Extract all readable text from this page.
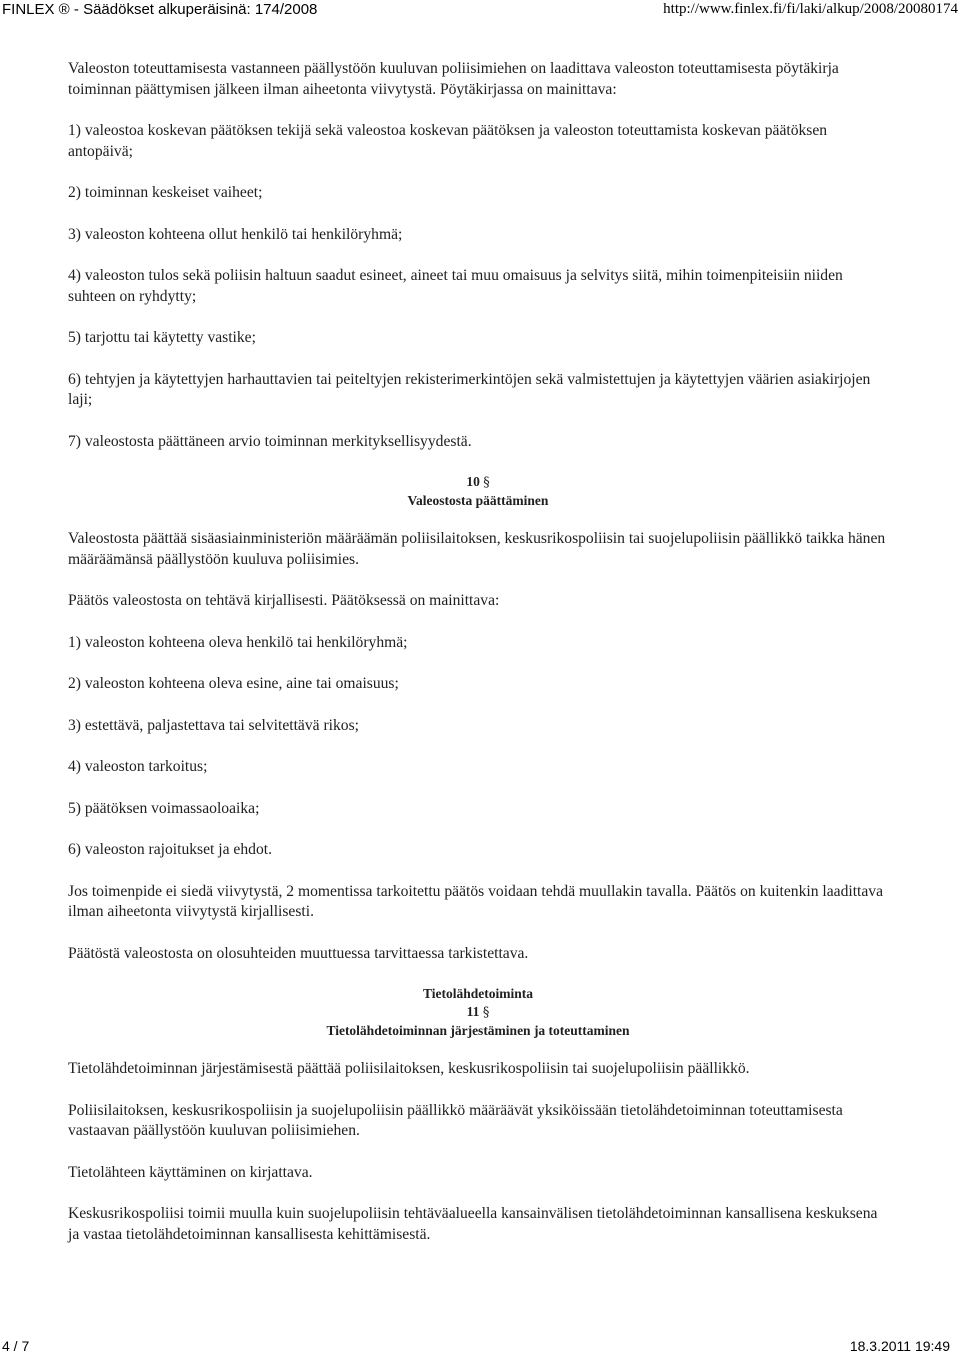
FINLEX ® - Säädökset alkuperäisinä: 174/2008	http://www.finlex.fi/fi/laki/alkup/2008/20080174

Valeoston toteuttamisesta vastanneen päällystöön kuuluvan poliisimiehen on laadittava valeoston toteuttamisesta pöytäkirja toiminnan päättymisen jälkeen ilman aiheetonta viivytystä. Pöytäkirjassa on mainittava:

1) valeostoa koskevan päätöksen tekijä sekä valeostoa koskevan päätöksen ja valeoston toteuttamista koskevan päätöksen antopäivä;

2) toiminnan keskeiset vaiheet;

3) valeoston kohteena ollut henkilö tai henkilöryhmä;

4) valeoston tulos sekä poliisin haltuun saadut esineet, aineet tai muu omaisuus ja selvitys siitä, mihin toimenpiteisiin niiden suhteen on ryhdytty;

5) tarjottu tai käytetty vastike;

6) tehtyjen ja käytettyjen harhauttavien tai peiteltyjen rekisterimerkintöjen sekä valmistettujen ja käytettyjen väärien asiakirjojen laji;

7) valeostosta päättäneen arvio toiminnan merkityksellisyydestä.

10 §
Valeostosta päättäminen

Valeostosta päättää sisäasiainministeriön määräämän poliisilaitoksen, keskusrikospoliisin tai suojelupoliisin päällikkö taikka hänen määräämänsä päällystöön kuuluva poliisimies.

Päätös valeostosta on tehtävä kirjallisesti. Päätöksessä on mainittava:

1) valeoston kohteena oleva henkilö tai henkilöryhmä;

2) valeoston kohteena oleva esine, aine tai omaisuus;

3) estettävä, paljastettava tai selvitettävä rikos;

4) valeoston tarkoitus;

5) päätöksen voimassaoloaika;

6) valeoston rajoitukset ja ehdot.

Jos toimenpide ei siedä viivytystä, 2 momentissa tarkoitettu päätös voidaan tehdä muullakin tavalla. Päätös on kuitenkin laadittava ilman aiheetonta viivytystä kirjallisesti.

Päätöstä valeostosta on olosuhteiden muuttuessa tarvittaessa tarkistettava.

Tietolähdetoiminta
11 §
Tietolähdetoiminnan järjestäminen ja toteuttaminen

Tietolähdetoiminnan järjestämisestä päättää poliisilaitoksen, keskusrikospoliisin tai suojelupoliisin päällikkö.

Poliisilaitoksen, keskusrikospoliisin ja suojelupoliisin päällikkö määräävät yksiköissään tietolähdetoiminnan toteuttamisesta vastaavan päällystöön kuuluvan poliisimiehen.

Tietolähteen käyttäminen on kirjattava.

Keskusrikospoliisi toimii muulla kuin suojelupoliisin tehtäväalueella kansainvälisen tietolähdetoiminnan kansallisena keskuksena ja vastaa tietolähdetoiminnan kansallisesta kehittämisestä.

4 / 7	18.3.2011 19:49
